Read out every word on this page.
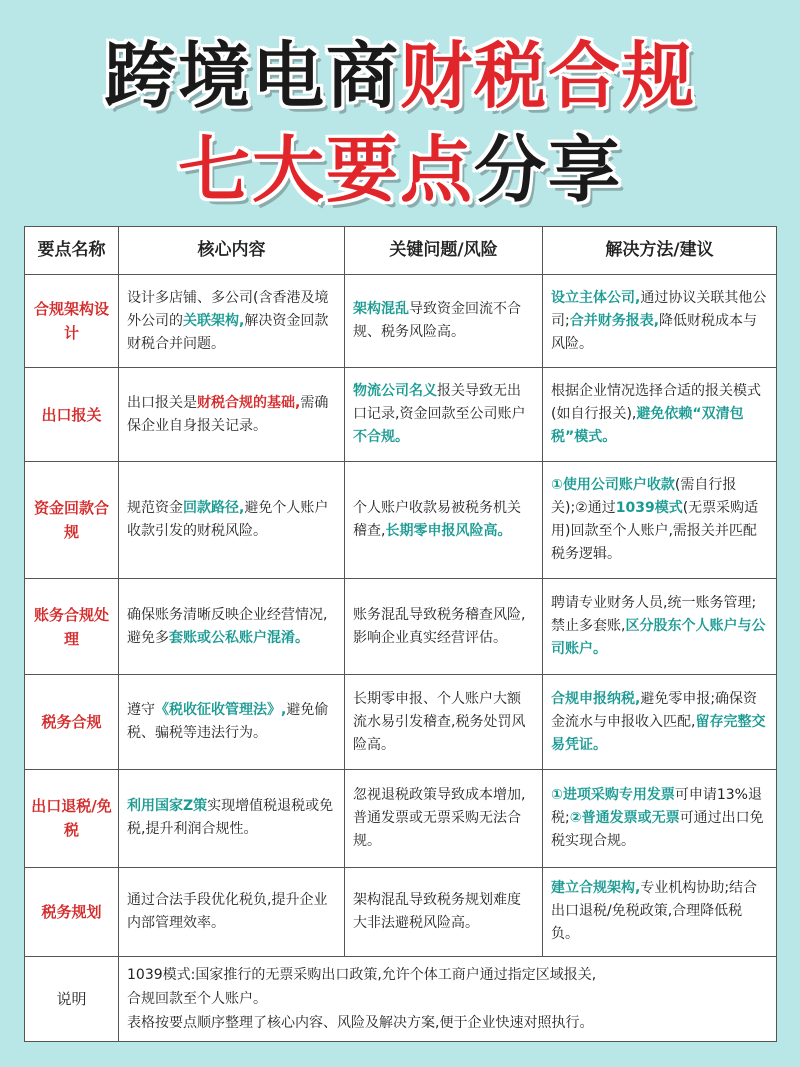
跨境电商财税合规
七大要点分享
要点名称	核心内容	关键问题/风险	解决方法/建议
合规架构设计	设计多店铺、多公司(含香港及境外公司的关联架构,解决资金回款财税合并问题。	架构混乱导致资金回流不合规、税务风险高。	设立主体公司,通过协议关联其他公司;合并财务报表,降低财税成本与风险。
出口报关	出口报关是财税合规的基础,需确保企业自身报关记录。	物流公司名义报关导致无出口记录,资金回款至公司账户不合规。	根据企业情况选择合适的报关模式(如自行报关),避免依赖“双清包税”模式。
资金回款合规	规范资金回款路径,避免个人账户收款引发的财税风险。	个人账户收款易被税务机关稽查,长期零申报风险高。	①使用公司账户收款(需自行报关);②通过1039模式(无票采购适用)回款至个人账户,需报关并匹配税务逻辑。
账务合规处理	确保账务清晰反映企业经营情况,避免多套账或公私账户混淆。	账务混乱导致税务稽查风险,影响企业真实经营评估。	聘请专业财务人员,统一账务管理;禁止多套账,区分股东个人账户与公司账户。
税务合规	遵守《税收征收管理法》,避免偷税、骗税等违法行为。	长期零申报、个人账户大额流水易引发稽查,税务处罚风险高。	合规申报纳税,避免零申报;确保资金流水与申报收入匹配,留存完整交易凭证。
出口退税/免税	利用国家Z策实现增值税退税或免税,提升利润合规性。	忽视退税政策导致成本增加,普通发票或无票采购无法合规。	①进项采购专用发票可申请13%退税;②普通发票或无票可通过出口免税实现合规。
税务规划	通过合法手段优化税负,提升企业内部管理效率。	架构混乱导致税务规划难度大非法避税风险高。	建立合规架构,专业机构协助;结合出口退税/免税政策,合理降低税负。
说明	1039模式:国家推行的无票采购出口政策,允许个体工商户通过指定区域报关,
合规回款至个人账户。
表格按要点顺序整理了核心内容、风险及解决方案,便于企业快速对照执行。		
